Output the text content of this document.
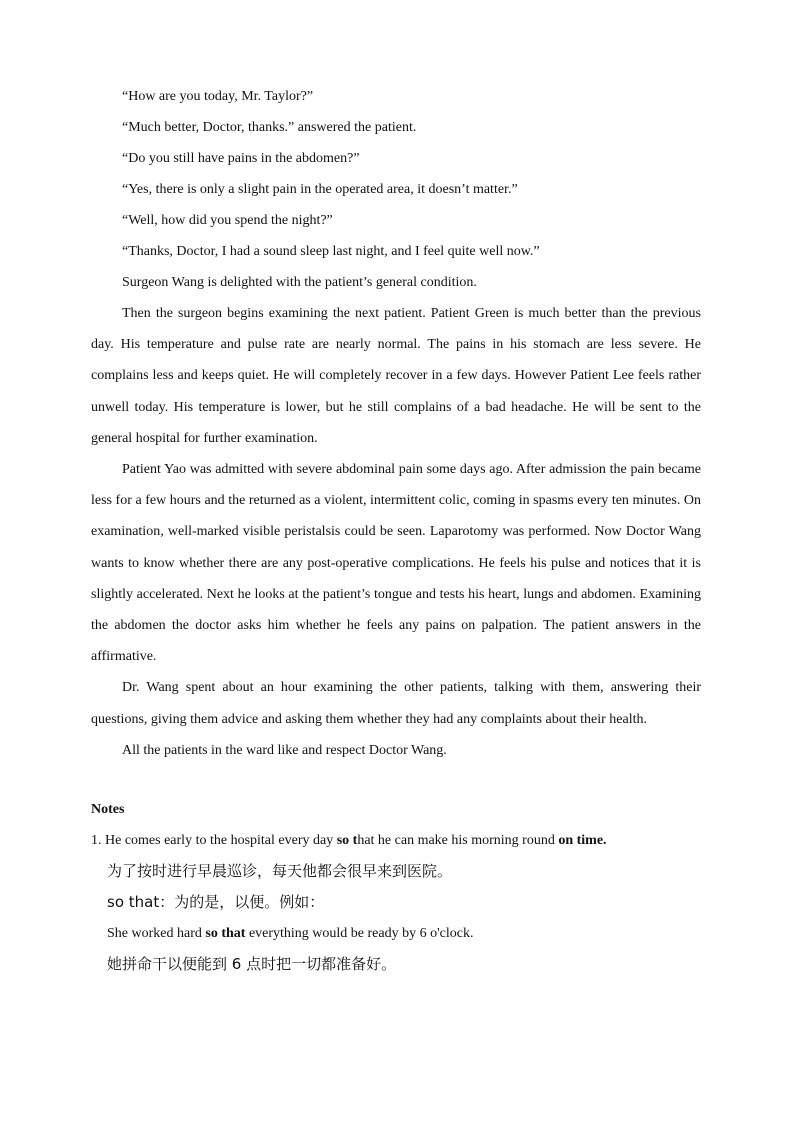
“How are you today, Mr. Taylor?”

“Much better, Doctor, thanks.” answered the patient.

“Do you still have pains in the abdomen?”

“Yes, there is only a slight pain in the operated area, it doesn’t matter.”

“Well, how did you spend the night?”

“Thanks, Doctor, I had a sound sleep last night, and I feel quite well now.”

Surgeon Wang is delighted with the patient’s general condition.

Then the surgeon begins examining the next patient. Patient Green is much better than the previous day. His temperature and pulse rate are nearly normal. The pains in his stomach are less severe. He complains less and keeps quiet. He will completely recover in a few days. However Patient Lee feels rather unwell today. His temperature is lower, but he still complains of a bad headache. He will be sent to the general hospital for further examination.

Patient Yao was admitted with severe abdominal pain some days ago. After admission the pain became less for a few hours and the returned as a violent, intermittent colic, coming in spasms every ten minutes. On examination, well-marked visible peristalsis could be seen. Laparotomy was performed. Now Doctor Wang wants to know whether there are any post-operative complications. He feels his pulse and notices that it is slightly accelerated. Next he looks at the patient’s tongue and tests his heart, lungs and abdomen. Examining the abdomen the doctor asks him whether he feels any pains on palpation. The patient answers in the affirmative.

Dr. Wang spent about an hour examining the other patients, talking with them, answering their questions, giving them advice and asking them whether they had any complaints about their health.

All the patients in the ward like and respect Doctor Wang.

Notes

1. He comes early to the hospital every day so that he can make his morning round on time.

为了按时进行早晨巡诊，每天他都会很早来到医院。

so that：为的是，以便。例如：

She worked hard so that everything would be ready by 6 o'clock.

她拼命干以便能到 6 点时把一切都准备好。
